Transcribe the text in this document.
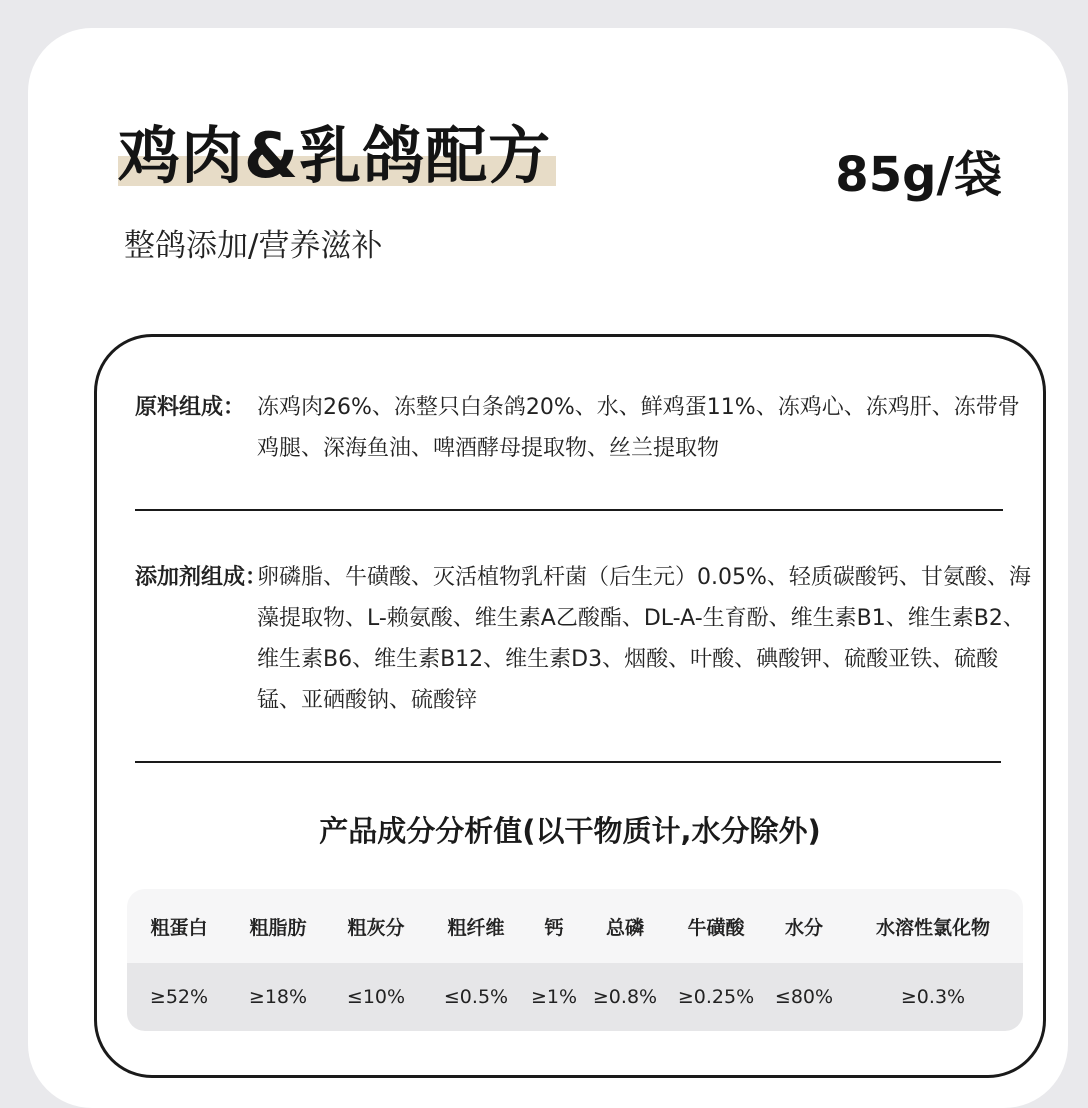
鸡肉&乳鸽配方	85g/袋
整鸽添加/营养滋补
原料组成： 冻鸡肉26%、冻整只白条鸽20%、水、鲜鸡蛋11%、冻鸡心、冻鸡肝、冻带骨鸡腿、深海鱼油、啤酒酵母提取物、丝兰提取物
添加剂组成：
卵磷脂、牛磺酸、灭活植物乳杆菌（后生元）0.05%、轻质碳酸钙、甘氨酸、海藻提取物、L-赖氨酸、维生素A乙酸酯、DL-A-生育酚、维生素B1、维生素B2、维生素B6、维生素B12、维生素D3、烟酸、叶酸、碘酸钾、硫酸亚铁、硫酸锰、亚硒酸钠、硫酸锌
产品成分分析值(以干物质计,水分除外)
粗蛋白	粗脂肪	粗灰分	粗纤维	钙	总磷	牛磺酸	水分	水溶性氯化物
≥52%	≥18%	≤10%	≤0.5%	≥1% ≥0.8%	≥0.25%	≤80%	≥0.3%
